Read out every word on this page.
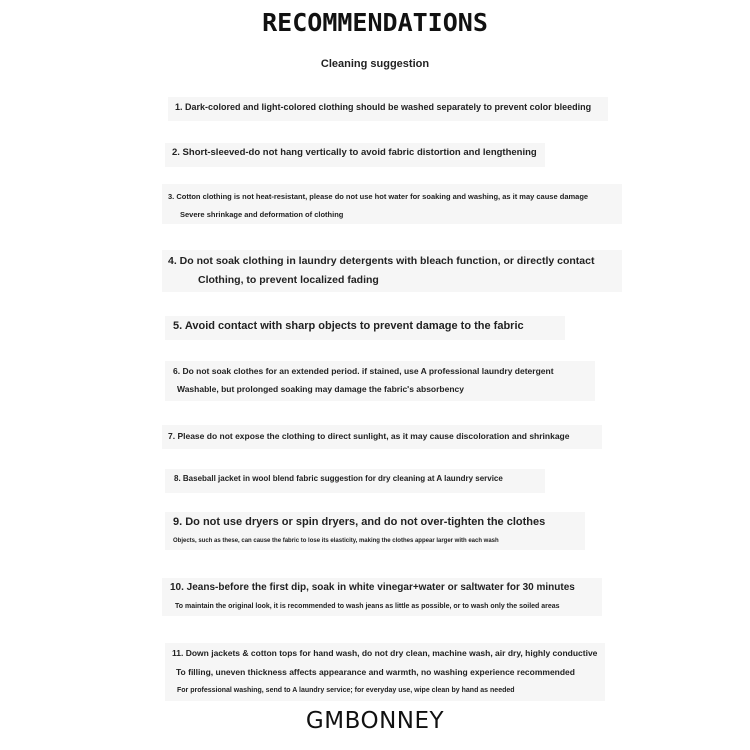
RECOMMENDATIONS
Cleaning suggestion
1. Dark-colored and light-colored clothing should be washed separately to prevent color bleeding
2. Short-sleeved-do not hang vertically to avoid fabric distortion and lengthening
3. Cotton clothing is not heat-resistant, please do not use hot water for soaking and washing, as it may cause damage
Severe shrinkage and deformation of clothing
4. Do not soak clothing in laundry detergents with bleach function, or directly contact
Clothing, to prevent localized fading
5. Avoid contact with sharp objects to prevent damage to the fabric
6. Do not soak clothes for an extended period. if stained, use A professional laundry detergent
Washable, but prolonged soaking may damage the fabric's absorbency
7. Please do not expose the clothing to direct sunlight, as it may cause discoloration and shrinkage
8. Baseball jacket in wool blend fabric suggestion for dry cleaning at A laundry service
9. Do not use dryers or spin dryers, and do not over-tighten the clothes
Objects, such as these, can cause the fabric to lose its elasticity, making the clothes appear larger with each wash
10. Jeans-before the first dip, soak in white vinegar+water or saltwater for 30 minutes
To maintain the original look, it is recommended to wash jeans as little as possible, or to wash only the soiled areas
11. Down jackets & cotton tops for hand wash, do not dry clean, machine wash, air dry, highly conductive
To filling, uneven thickness affects appearance and warmth, no washing experience recommended
For professional washing, send to A laundry service; for everyday use, wipe clean by hand as needed
GMBONNEY
